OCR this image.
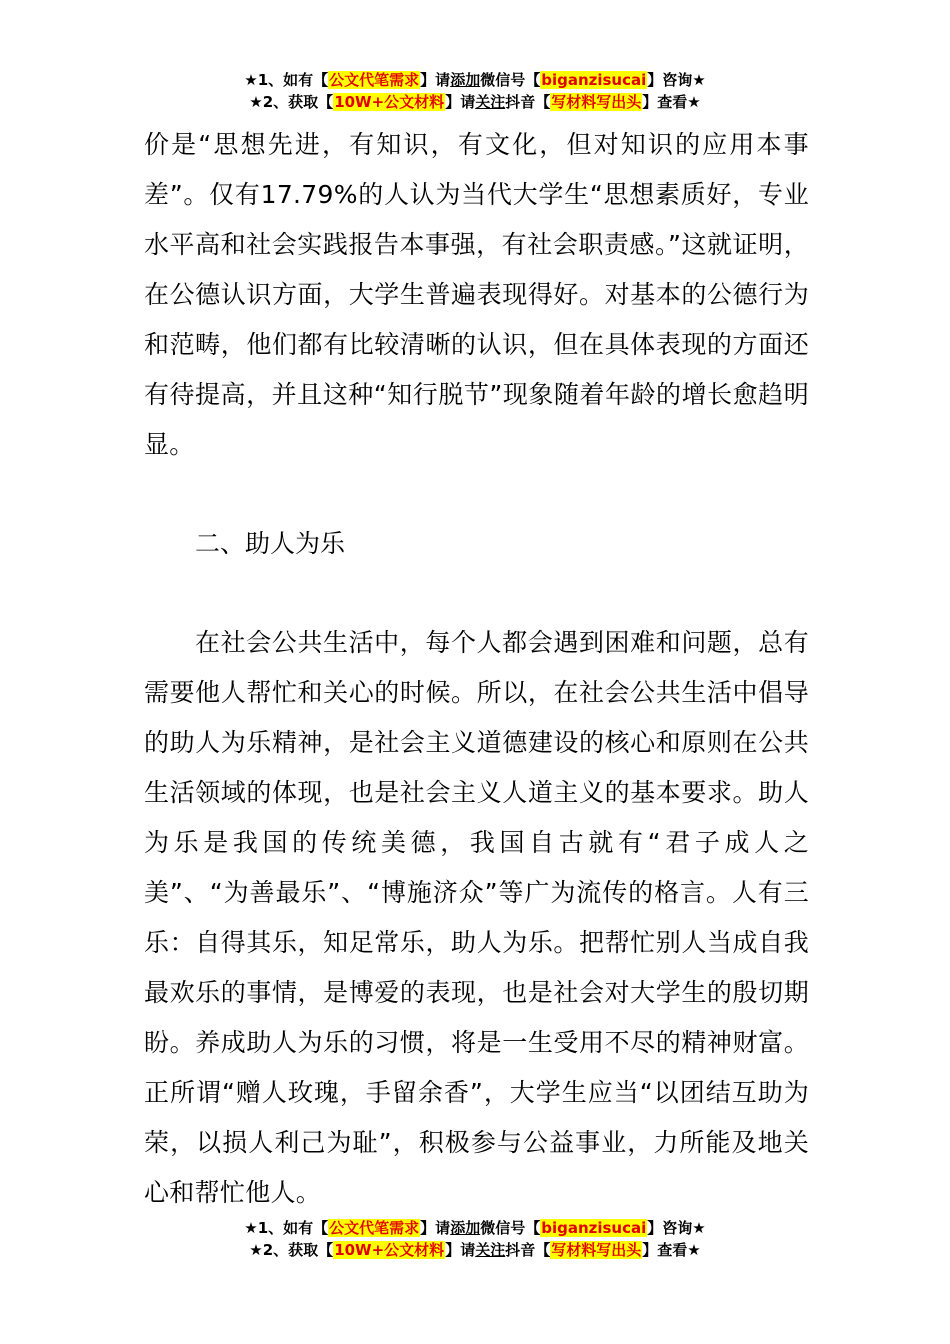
★1、如有【公文代笔需求】请添加微信号【biganzisucai】咨询★
★2、获取【10W+公文材料】请关注抖音【写材料写出头】查看★

价是“思想先进，有知识，有文化，但对知识的应用本事差”。仅有17.79%的人认为当代大学生“思想素质好，专业水平高和社会实践报告本事强，有社会职责感。”这就证明，在公德认识方面，大学生普遍表现得好。对基本的公德行为和范畴，他们都有比较清晰的认识，但在具体表现的方面还有待提高，并且这种“知行脱节”现象随着年龄的增长愈趋明显。

二、助人为乐

在社会公共生活中，每个人都会遇到困难和问题，总有需要他人帮忙和关心的时候。所以，在社会公共生活中倡导的助人为乐精神，是社会主义道德建设的核心和原则在公共生活领域的体现，也是社会主义人道主义的基本要求。助人为乐是我国的传统美德，我国自古就有“君子成人之美”、“为善最乐”、“博施济众”等广为流传的格言。人有三乐：自得其乐，知足常乐，助人为乐。把帮忙别人当成自我最欢乐的事情，是博爱的表现，也是社会对大学生的殷切期盼。养成助人为乐的习惯，将是一生受用不尽的精神财富。正所谓“赠人玫瑰，手留余香”，大学生应当“以团结互助为荣，以损人利己为耻”，积极参与公益事业，力所能及地关心和帮忙他人。

★1、如有【公文代笔需求】请添加微信号【biganzisucai】咨询★
★2、获取【10W+公文材料】请关注抖音【写材料写出头】查看★
